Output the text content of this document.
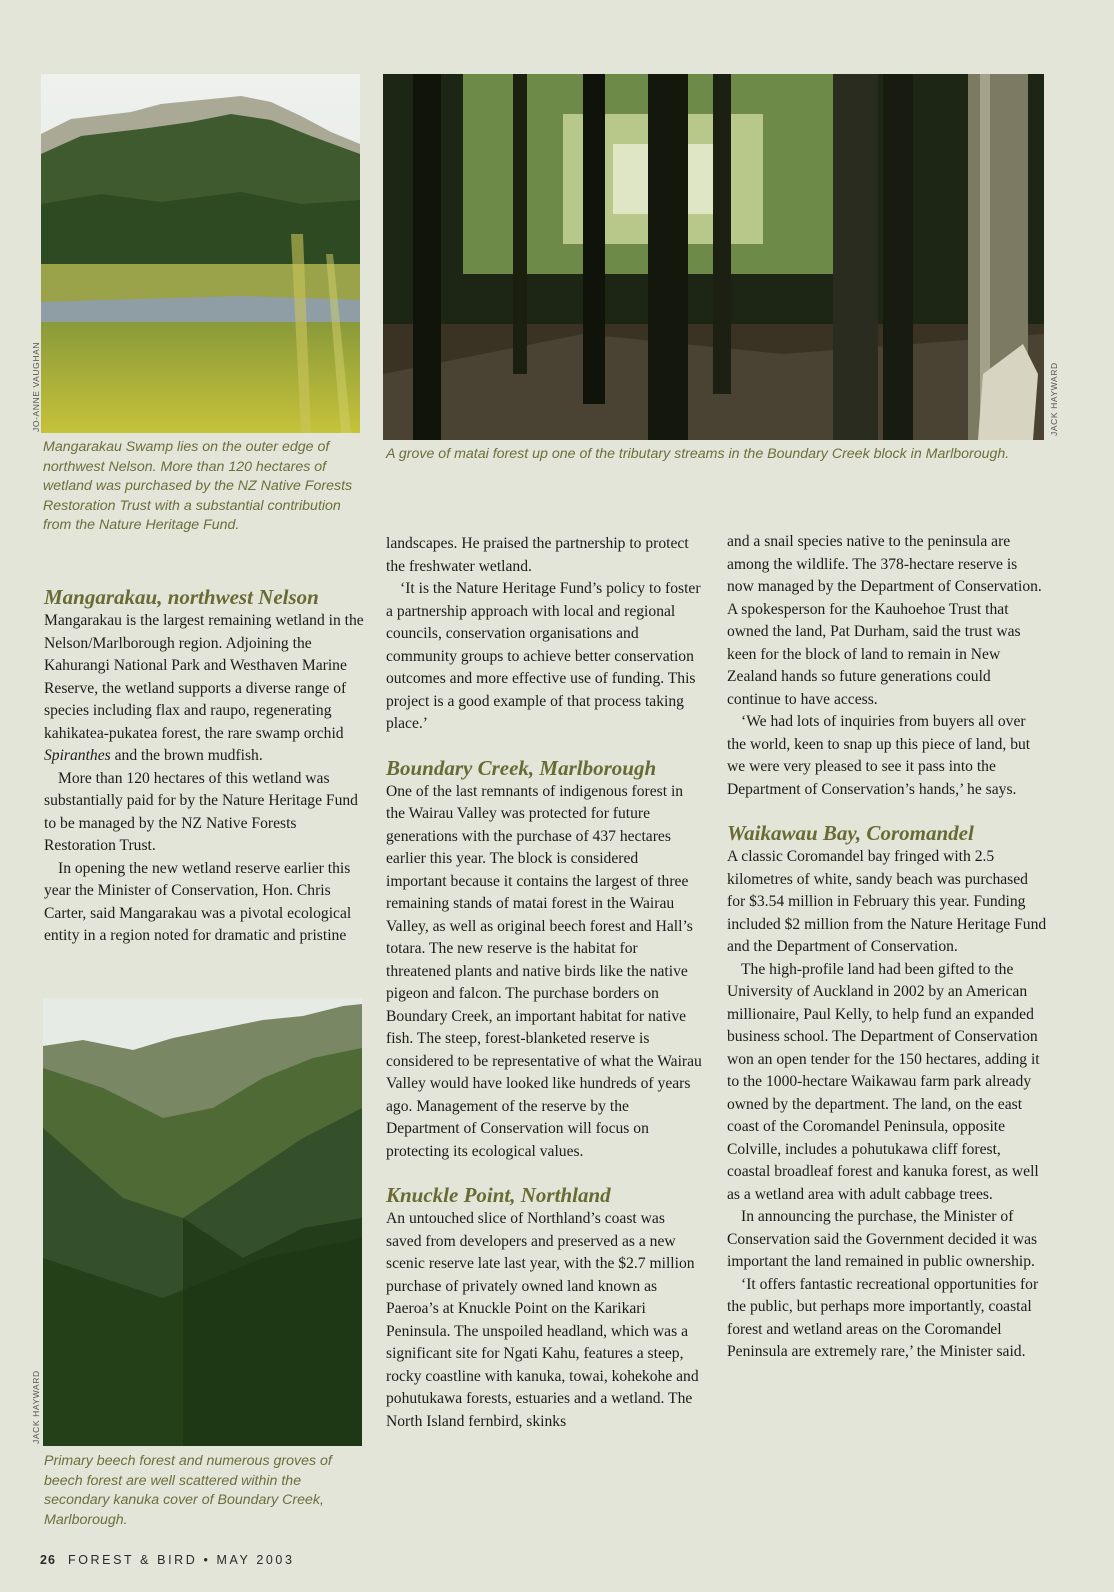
JO-ANNE VAUGHAN
Mangarakau Swamp lies on the outer edge of northwest Nelson. More than 120 hectares of wetland was purchased by the NZ Native Forests Restoration Trust with a substantial contribution from the Nature Heritage Fund.
JACK HAYWARD
A grove of matai forest up one of the tributary streams in the Boundary Creek block in Marlborough.
JACK HAYWARD
Primary beech forest and numerous groves of beech forest are well scattered within the secondary kanuka cover of Boundary Creek, Marlborough.
Mangarakau, northwest Nelson

Mangarakau is the largest remaining wetland in the Nelson/Marlborough region. Adjoining the Kahurangi National Park and Westhaven Marine Reserve, the wetland supports a diverse range of species including flax and raupo, regenerating kahikatea-pukatea forest, the rare swamp orchid Spiranthes and the brown mudfish.

More than 120 hectares of this wetland was substantially paid for by the Nature Heritage Fund to be managed by the NZ Native Forests Restoration Trust.

In opening the new wetland reserve earlier this year the Minister of Conservation, Hon. Chris Carter, said Mangarakau was a pivotal ecological entity in a region noted for dramatic and pristine

landscapes. He praised the partnership to protect the freshwater wetland.

‘It is the Nature Heritage Fund’s policy to foster a partnership approach with local and regional councils, conservation organisations and community groups to achieve better conservation outcomes and more effective use of funding. This project is a good example of that process taking place.’

Boundary Creek, Marlborough

One of the last remnants of indigenous forest in the Wairau Valley was protected for future generations with the purchase of 437 hectares earlier this year. The block is considered important because it contains the largest of three remaining stands of matai forest in the Wairau Valley, as well as original beech forest and Hall’s totara. The new reserve is the habitat for threatened plants and native birds like the native pigeon and falcon. The purchase borders on Boundary Creek, an important habitat for native fish. The steep, forest-blanketed reserve is considered to be representative of what the Wairau Valley would have looked like hundreds of years ago. Management of the reserve by the Department of Conservation will focus on protecting its ecological values.

Knuckle Point, Northland

An untouched slice of Northland’s coast was saved from developers and preserved as a new scenic reserve late last year, with the $2.7 million purchase of privately owned land known as Paeroa’s at Knuckle Point on the Karikari Peninsula. The unspoiled headland, which was a significant site for Ngati Kahu, features a steep, rocky coastline with kanuka, towai, kohekohe and pohutukawa forests, estuaries and a wetland. The North Island fernbird, skinks

and a snail species native to the peninsula are among the wildlife. The 378-hectare reserve is now managed by the Department of Conservation. A spokesperson for the Kauhoehoe Trust that owned the land, Pat Durham, said the trust was keen for the block of land to remain in New Zealand hands so future generations could continue to have access.

‘We had lots of inquiries from buyers all over the world, keen to snap up this piece of land, but we were very pleased to see it pass into the Department of Conservation’s hands,’ he says.

Waikawau Bay, Coromandel

A classic Coromandel bay fringed with 2.5 kilometres of white, sandy beach was purchased for $3.54 million in February this year. Funding included $2 million from the Nature Heritage Fund and the Department of Conservation.

The high-profile land had been gifted to the University of Auckland in 2002 by an American millionaire, Paul Kelly, to help fund an expanded business school. The Department of Conservation won an open tender for the 150 hectares, adding it to the 1000-hectare Waikawau farm park already owned by the department. The land, on the east coast of the Coromandel Peninsula, opposite Colville, includes a pohutukawa cliff forest, coastal broadleaf forest and kanuka forest, as well as a wetland area with adult cabbage trees.

In announcing the purchase, the Minister of Conservation said the Government decided it was important the land remained in public ownership.

‘It offers fantastic recreational opportunities for the public, but perhaps more importantly, coastal forest and wetland areas on the Coromandel Peninsula are extremely rare,’ the Minister said.

26 FOREST & BIRD • MAY 2003
